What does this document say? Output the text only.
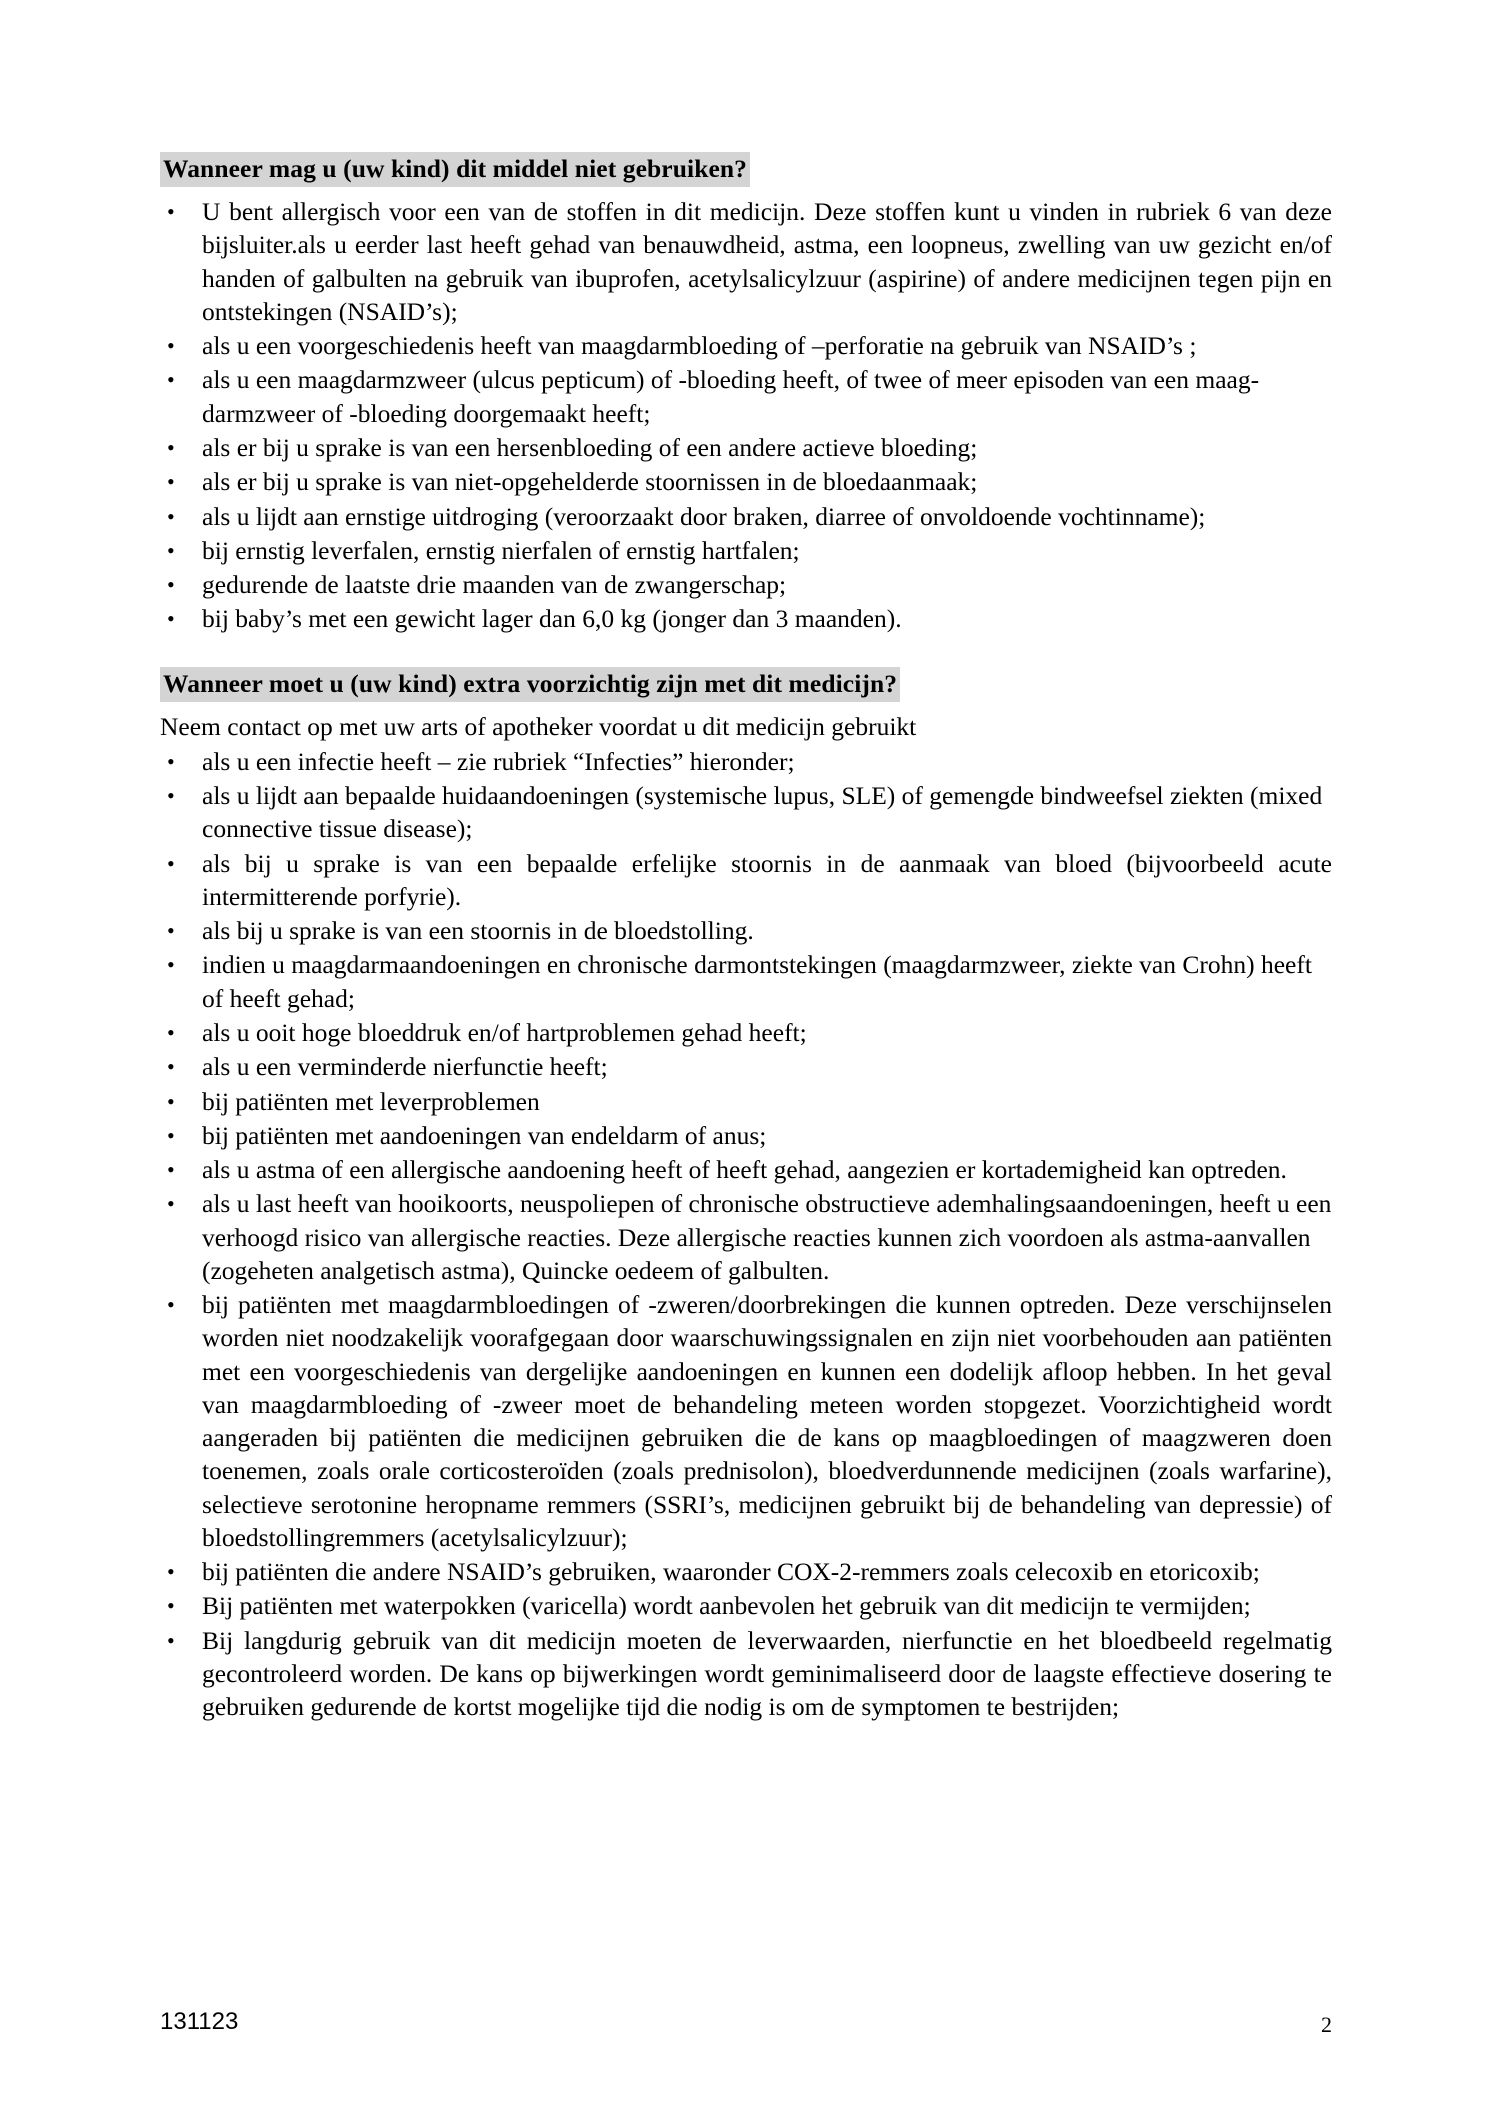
Wanneer mag u (uw kind) dit middel niet gebruiken?
• U bent allergisch voor een van de stoffen in dit medicijn. Deze stoffen kunt u vinden in rubriek 6 van deze bijsluiter.als u eerder last heeft gehad van benauwdheid, astma, een loopneus, zwelling van uw gezicht en/of handen of galbulten na gebruik van ibuprofen, acetylsalicylzuur (aspirine) of andere medicijnen tegen pijn en ontstekingen (NSAID’s);
• als u een voorgeschiedenis heeft van maagdarmbloeding of –perforatie na gebruik van NSAID’s ;
• als u een maagdarmzweer (ulcus pepticum) of -bloeding heeft, of twee of meer episoden van een maag-darmzweer of -bloeding doorgemaakt heeft;
• als er bij u sprake is van een hersenbloeding of een andere actieve bloeding;
• als er bij u sprake is van niet-opgehelderde stoornissen in de bloedaanmaak;
• als u lijdt aan ernstige uitdroging (veroorzaakt door braken, diarree of onvoldoende vochtinname);
• bij ernstig leverfalen, ernstig nierfalen of ernstig hartfalen;
• gedurende de laatste drie maanden van de zwangerschap;
• bij baby’s met een gewicht lager dan 6,0 kg (jonger dan 3 maanden).
Wanneer moet u (uw kind) extra voorzichtig zijn met dit medicijn?

Neem contact op met uw arts of apotheker voordat u dit medicijn gebruikt

• als u een infectie heeft – zie rubriek “Infecties” hieronder;
• als u lijdt aan bepaalde huidaandoeningen (systemische lupus, SLE) of gemengde bindweefsel ziekten (mixed connective tissue disease);
• als bij u sprake is van een bepaalde erfelijke stoornis in de aanmaak van bloed (bijvoorbeeld acute intermitterende porfyrie).
• als bij u sprake is van een stoornis in de bloedstolling.
• indien u maagdarmaandoeningen en chronische darmontstekingen (maagdarmzweer, ziekte van Crohn) heeft of heeft gehad;
• als u ooit hoge bloeddruk en/of hartproblemen gehad heeft;
• als u een verminderde nierfunctie heeft;
• bij patiënten met leverproblemen
• bij patiënten met aandoeningen van endeldarm of anus;
• als u astma of een allergische aandoening heeft of heeft gehad, aangezien er kortademigheid kan optreden.
• als u last heeft van hooikoorts, neuspoliepen of chronische obstructieve ademhalingsaandoeningen, heeft u een verhoogd risico van allergische reacties. Deze allergische reacties kunnen zich voordoen als astma-aanvallen (zogeheten analgetisch astma), Quincke oedeem of galbulten.
• bij patiënten met maagdarmbloedingen of -zweren/doorbrekingen die kunnen optreden. Deze verschijnselen worden niet noodzakelijk voorafgegaan door waarschuwingssignalen en zijn niet voorbehouden aan patiënten met een voorgeschiedenis van dergelijke aandoeningen en kunnen een dodelijk afloop hebben. In het geval van maagdarmbloeding of -zweer moet de behandeling meteen worden stopgezet. Voorzichtigheid wordt aangeraden bij patiënten die medicijnen gebruiken die de kans op maagbloedingen of maagzweren doen toenemen, zoals orale corticosteroïden (zoals prednisolon), bloedverdunnende medicijnen (zoals warfarine), selectieve serotonine heropname remmers (SSRI’s, medicijnen gebruikt bij de behandeling van depressie) of bloedstollingremmers (acetylsalicylzuur);
• bij patiënten die andere NSAID’s gebruiken, waaronder COX-2-remmers zoals celecoxib en etoricoxib;
• Bij patiënten met waterpokken (varicella) wordt aanbevolen het gebruik van dit medicijn te vermijden;
• Bij langdurig gebruik van dit medicijn moeten de leverwaarden, nierfunctie en het bloedbeeld regelmatig gecontroleerd worden. De kans op bijwerkingen wordt geminimaliseerd door de laagste effectieve dosering te gebruiken gedurende de kortst mogelijke tijd die nodig is om de symptomen te bestrijden;
131123	2
